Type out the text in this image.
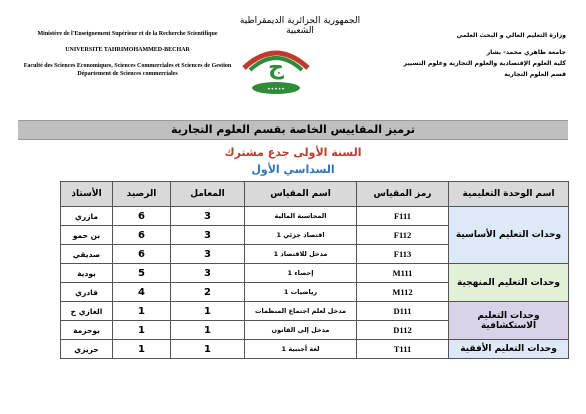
Ministère de l'Enseignement Supérieur et de la Recherche Scientifique
UNIVERSITE TAHRIMOHAMMED-BECHAR
Faculté des Sciences Economiques, Sciences Commerciales et Sciences de Gestion
Département de Sciences commerciales
الجمهورية الجزائرية الديمقراطية الشعبية
ج
•••••
وزارة التعليم العالي و البحث العلمي
جامعة طاهري محمد- بشار
كلية العلوم الإقتصادية والعلوم التجارية وعلوم التسيير
قسم العلوم التجارية
ترميز المقاييس الخاصة بقسم العلوم التجارية
السنة الأولى جدع مشترك
السداسي الأول
اسم الوحدة التعليمية	رمز المقياس	اسم المقياس	المعامل	الرصيد	الأستاذ
وحدات التعليم الأساسية	F111	المحاسبة المالية	3	6	مازري
	F112	اقتصاد جزئي 1	3	6	بن حمو
	F113	مدخل للاقتصاد 1	3	6	صديقي
وحدات التعليم المنهجية	M111	إحصاء 1	3	5	بودية
	M112	رياضيات 1	2	4	قادري
وحدات التعليم الاستكشافية	D111	مدخل لعلم اجتماع المنظمات	1	1	الغازي خ
	D112	مدخل إلى القانون	1	1	بوحزمة
وحدات التعليم الأفقية	T111	لغة أجنبية 1	1	1	حريزي
